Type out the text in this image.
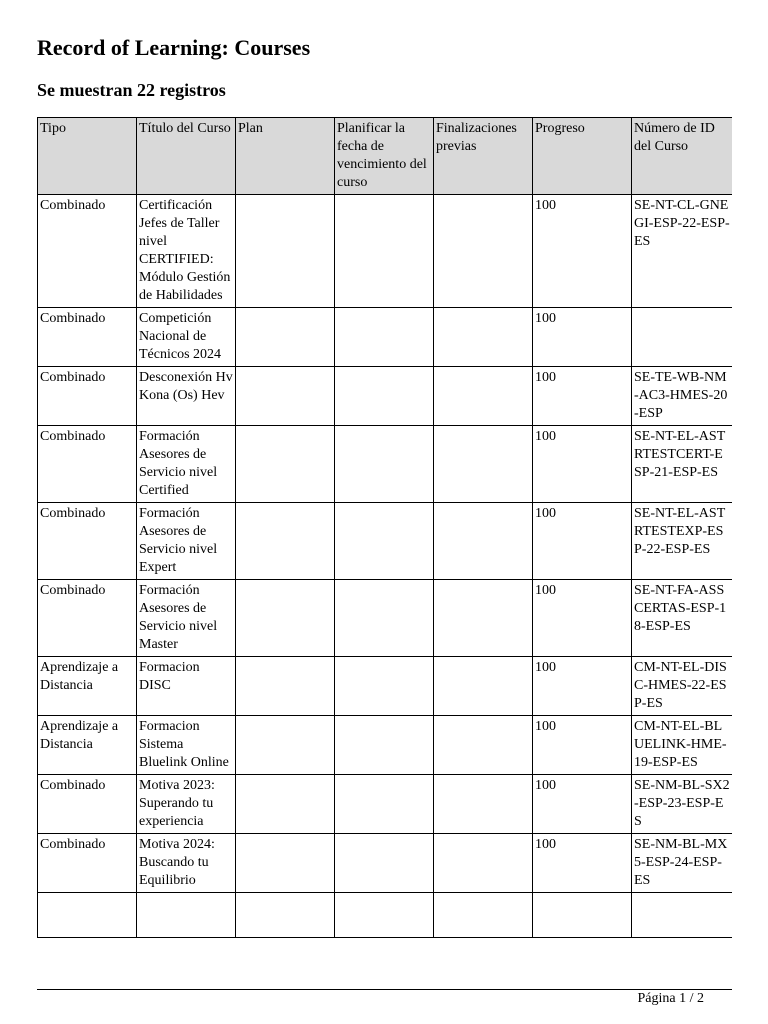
Record of Learning: Courses
Se muestran 22 registros
Tipo	Título del Curso	Plan	Planificar la fecha de vencimiento del curso	Finalizaciones previas	Progreso	Número de ID del Curso
Combinado	Certificación Jefes de Taller nivel CERTIFIED: Módulo Gestión de Habilidades				100	SE-NT-CL-GNEGI-ESP-22-ESP-ES
Combinado	Competición Nacional de Técnicos 2024				100	
Combinado	Desconexión Hv Kona (Os) Hev				100	SE-TE-WB-NM-AC3-HMES-20-ESP
Combinado	Formación Asesores de Servicio nivel Certified				100	SE-NT-EL-ASTRTESTCERT-ESP-21-ESP-ES
Combinado	Formación Asesores de Servicio nivel Expert				100	SE-NT-EL-ASTRTESTEXP-ESP-22-ESP-ES
Combinado	Formación Asesores de Servicio nivel Master				100	SE-NT-FA-ASSCERTAS-ESP-18-ESP-ES
Aprendizaje a Distancia	Formacion DISC				100	CM-NT-EL-DISC-HMES-22-ESP-ES
Aprendizaje a Distancia	Formacion Sistema Bluelink Online				100	CM-NT-EL-BLUELINK-HME-19-ESP-ES
Combinado	Motiva 2023: Superando tu experiencia				100	SE-NM-BL-SX2-ESP-23-ESP-ES
Combinado	Motiva 2024: Buscando tu Equilibrio				100	SE-NM-BL-MX5-ESP-24-ESP-ES

Página 1 / 2
